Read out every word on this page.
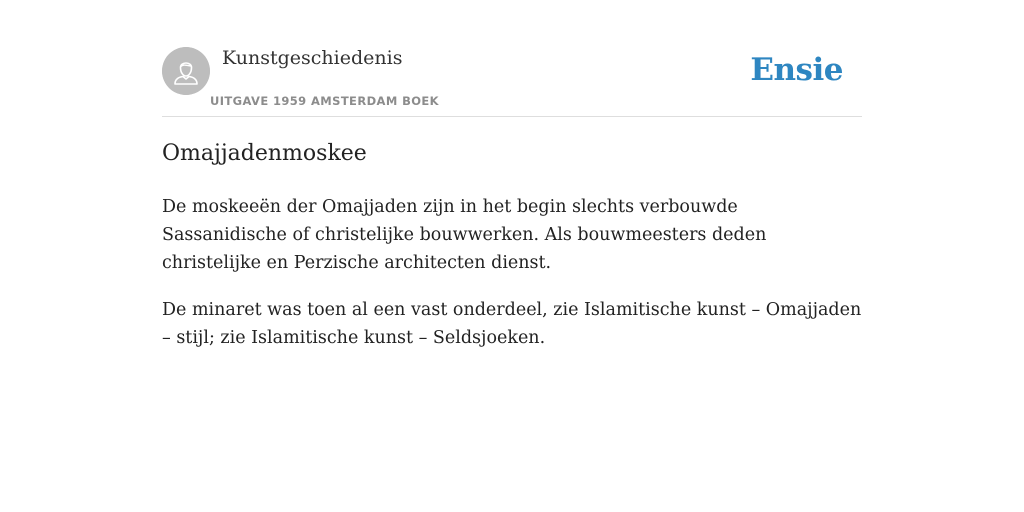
Kunstgeschiedenis
UITGAVE 1959 AMSTERDAM BOEK
Ensie
Omajjadenmoskee

De moskeeën der Omajjaden zijn in het begin slechts verbouwde Sassanidische of christelijke bouwwerken. Als bouwmeesters deden christelijke en Perzische architecten dienst.

De minaret was toen al een vast onderdeel, zie Islamitische kunst – Omajjaden – stijl; zie Islamitische kunst – Seldsjoeken.
